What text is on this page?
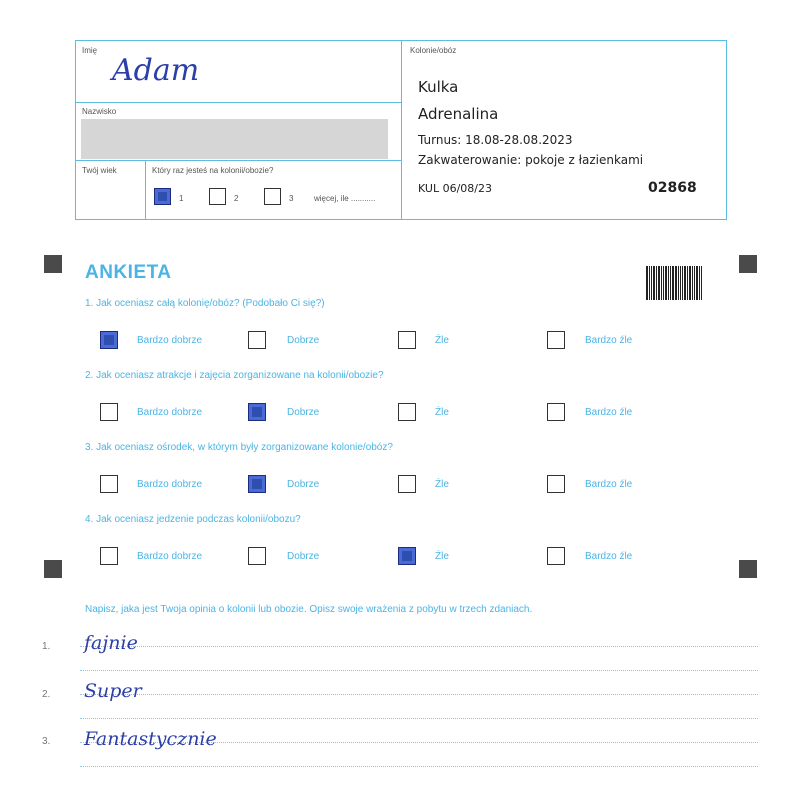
Imię
Adam
Nazwisko
Twój wiek	Który raz jesteś na kolonii/obozie?
1	2	3	więcej, ile ...........
Kolonie/obóz
Kulka
Adrenalina
Turnus: 18.08-28.08.2023
Zakwaterowanie: pokoje z łazienkami
KUL 06/08/23	02868
ANKIETA
1. Jak oceniasz całą kolonię/obóz? (Podobało Ci się?)
Bardzo dobrze	Dobrze	Źle	Bardzo źle
2. Jak oceniasz atrakcje i zajęcia zorganizowane na kolonii/obozie?
Bardzo dobrze	Dobrze	Źle	Bardzo źle
3. Jak oceniasz ośrodek, w którym były zorganizowane kolonie/obóz?
Bardzo dobrze	Dobrze	Źle	Bardzo źle
4. Jak oceniasz jedzenie podczas kolonii/obozu?
Bardzo dobrze	Dobrze	Źle	Bardzo źle
Napisz, jaka jest Twoja opinia o kolonii lub obozie. Opisz swoje wrażenia z pobytu w trzech zdaniach.
1. fajnie
2. Super
3. Fantastycznie
